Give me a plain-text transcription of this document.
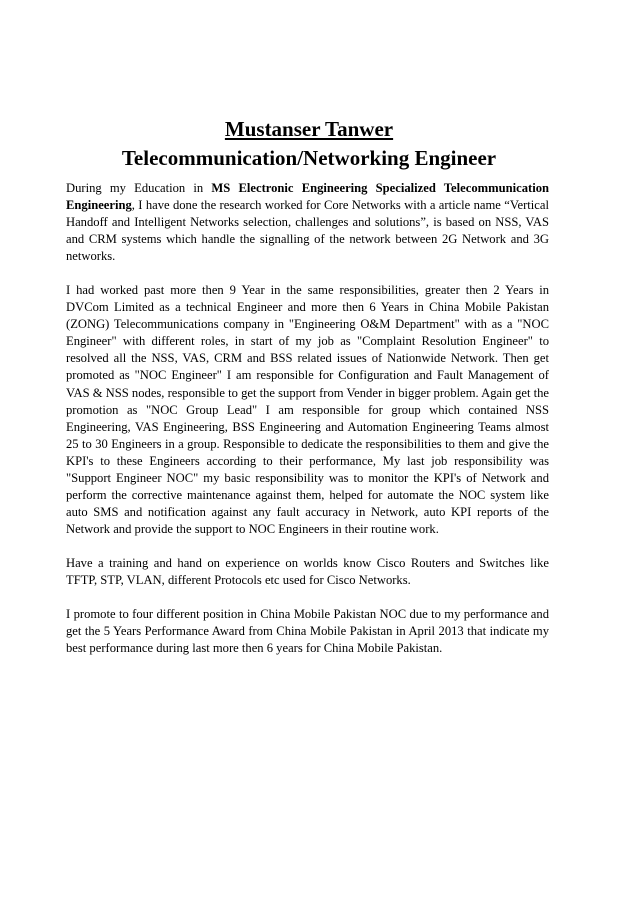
Mustanser Tanwer
Telecommunication/Networking Engineer

During my Education in MS Electronic Engineering Specialized Telecommunication Engineering, I have done the research worked for Core Networks with a article name “Vertical Handoff and Intelligent Networks selection, challenges and solutions”, is based on NSS, VAS and CRM systems which handle the signalling of the network between 2G Network and 3G networks.

I had worked past more then 9 Year in the same responsibilities, greater then 2 Years in DVCom Limited as a technical Engineer and more then 6 Years in China Mobile Pakistan (ZONG) Telecommunications company in "Engineering O&M Department" with as a "NOC Engineer" with different roles, in start of my job as "Complaint Resolution Engineer" to resolved all the NSS, VAS, CRM and BSS related issues of Nationwide Network. Then get promoted as "NOC Engineer" I am responsible for Configuration and Fault Management of VAS & NSS nodes, responsible to get the support from Vender in bigger problem. Again get the promotion as "NOC Group Lead" I am responsible for group which contained NSS Engineering, VAS Engineering, BSS Engineering and Automation Engineering Teams almost 25 to 30 Engineers in a group. Responsible to dedicate the responsibilities to them and give the KPI's to these Engineers according to their performance, My last job responsibility was "Support Engineer NOC" my basic responsibility was to monitor the KPI's of Network and perform the corrective maintenance against them, helped for automate the NOC system like auto SMS and notification against any fault accuracy in Network, auto KPI reports of the Network and provide the support to NOC Engineers in their routine work.

Have a training and hand on experience on worlds know Cisco Routers and Switches like TFTP, STP, VLAN, different Protocols etc used for Cisco Networks.

I promote to four different position in China Mobile Pakistan NOC due to my performance and get the 5 Years Performance Award from China Mobile Pakistan in April 2013 that indicate my best performance during last more then 6 years for China Mobile Pakistan.
